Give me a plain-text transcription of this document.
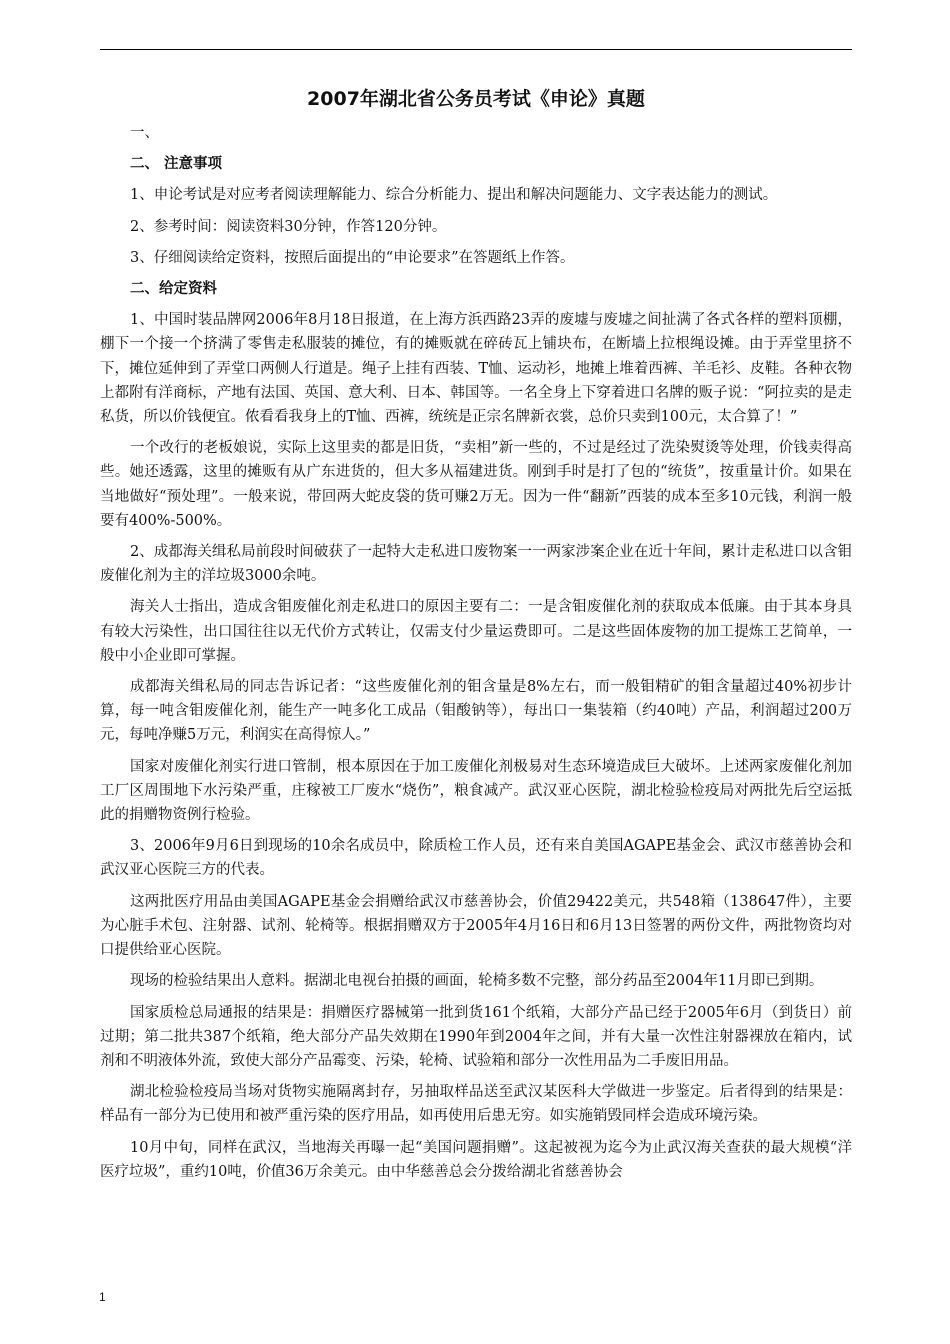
2007年湖北省公务员考试《申论》真题

一、

二、 注意事项

1、申论考试是对应考者阅读理解能力、综合分析能力、提出和解决问题能力、文字表达能力的测试。

2、参考时间：阅读资料30分钟，作答120分钟。

3、仔细阅读给定资料，按照后面提出的“申论要求”在答题纸上作答。

二、给定资料

1、中国时装品牌网2006年8月18日报道，在上海方浜西路23弄的废墟与废墟之间扯满了各式各样的塑料顶棚，棚下一个接一个挤满了零售走私服装的摊位，有的摊贩就在碎砖瓦上铺块布，在断墙上拉根绳设摊。由于弄堂里挤不下，摊位延伸到了弄堂口两侧人行道是。绳子上挂有西装、T恤、运动衫，地摊上堆着西裤、羊毛衫、皮鞋。各种衣物上都附有洋商标，产地有法国、英国、意大利、日本、韩国等。一名全身上下穿着进口名牌的贩子说：“阿拉卖的是走私货，所以价钱便宜。侬看看我身上的T恤、西裤，统统是正宗名牌新衣裳，总价只卖到100元，太合算了！”

一个改行的老板娘说，实际上这里卖的都是旧货，“卖相”新一些的，不过是经过了洗染熨烫等处理，价钱卖得高些。她还透露，这里的摊贩有从广东进货的，但大多从福建进货。刚到手时是打了包的“统货”，按重量计价。如果在当地做好“预处理”。一般来说，带回两大蛇皮袋的货可赚2万无。因为一件“翻新”西装的成本至多10元钱，利润一般要有400%-500%。

2、成都海关缉私局前段时间破获了一起特大走私进口废物案一一两家涉案企业在近十年间，累计走私进口以含钼废催化剂为主的洋垃圾3000余吨。

海关人士指出，造成含钼废催化剂走私进口的原因主要有二：一是含钼废催化剂的获取成本低廉。由于其本身具有较大污染性，出口国往往以无代价方式转让，仅需支付少量运费即可。二是这些固体废物的加工提炼工艺简单，一般中小企业即可掌握。

成都海关缉私局的同志告诉记者：“这些废催化剂的钼含量是8%左右，而一般钼精矿的钼含量超过40%初步计算，每一吨含钼废催化剂，能生产一吨多化工成品（钼酸钠等），每出口一集装箱（约40吨）产品，利润超过200万元，每吨净赚5万元，利润实在高得惊人。”

国家对废催化剂实行进口管制，根本原因在于加工废催化剂极易对生态环境造成巨大破坏。上述两家废催化剂加工厂区周围地下水污染严重，庄稼被工厂废水“烧伤”，粮食减产。武汉亚心医院，湖北检验检疫局对两批先后空运抵此的捐赠物资例行检验。

3、2006年9月6日到现场的10余名成员中，除质检工作人员，还有来自美国AGAPE基金会、武汉市慈善协会和武汉亚心医院三方的代表。

这两批医疗用品由美国AGAPE基金会捐赠给武汉市慈善协会，价值29422美元，共548箱（138647件），主要为心脏手术包、注射器、试剂、轮椅等。根据捐赠双方于2005年4月16日和6月13日签署的两份文件，两批物资均对口提供给亚心医院。

现场的检验结果出人意料。据湖北电视台拍摄的画面，轮椅多数不完整，部分药品至2004年11月即已到期。

国家质检总局通报的结果是：捐赠医疗器械第一批到货161个纸箱，大部分产品已经于2005年6月（到货日）前过期；第二批共387个纸箱，绝大部分产品失效期在1990年到2004年之间，并有大量一次性注射器裸放在箱内，试剂和不明液体外流，致使大部分产品霉变、污染，轮椅、试验箱和部分一次性用品为二手废旧用品。

湖北检验检疫局当场对货物实施隔离封存，另抽取样品送至武汉某医科大学做进一步鉴定。后者得到的结果是：样品有一部分为已使用和被严重污染的医疗用品，如再使用后患无穷。如实施销毁同样会造成环境污染。

10月中旬，同样在武汉，当地海关再曝一起“美国问题捐赠”。这起被视为迄今为止武汉海关查获的最大规模“洋医疗垃圾”，重约10吨，价值36万余美元。由中华慈善总会分拨给湖北省慈善协会

1
